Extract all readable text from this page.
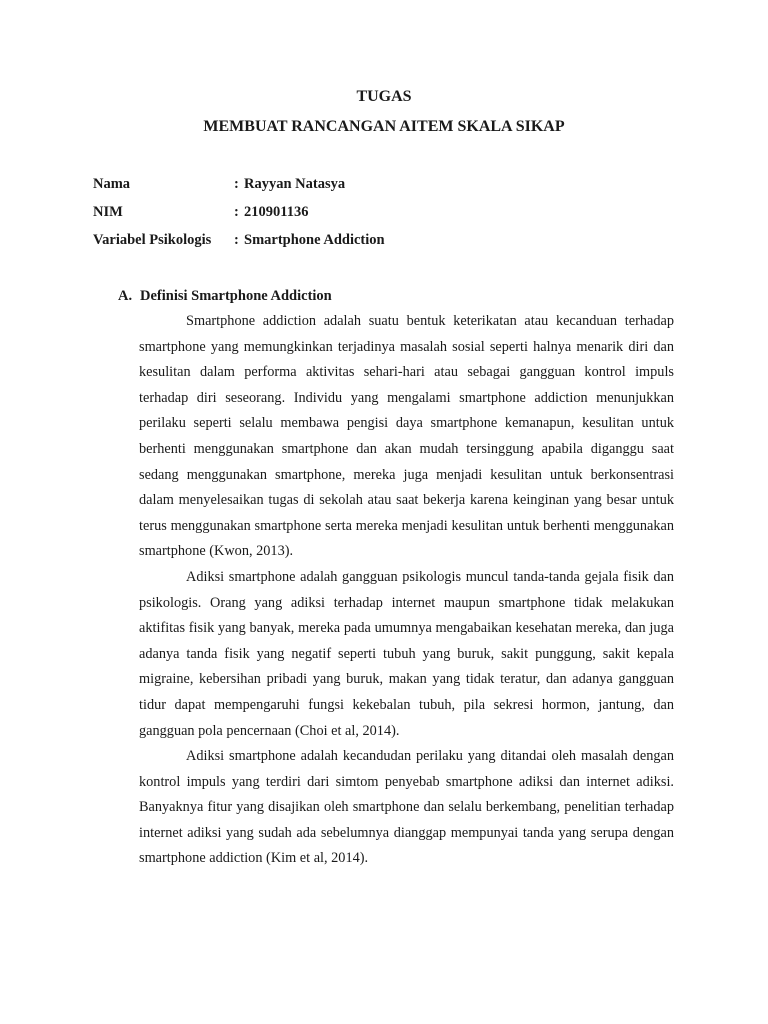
TUGAS
MEMBUAT RANCANGAN AITEM SKALA SIKAP
Nama	: Rayyan Natasya
NIM	: 210901136
Variabel Psikologis	: Smartphone Addiction
A. Definisi Smartphone Addiction

Smartphone addiction adalah suatu bentuk keterikatan atau kecanduan terhadap smartphone yang memungkinkan terjadinya masalah sosial seperti halnya menarik diri dan kesulitan dalam performa aktivitas sehari-hari atau sebagai gangguan kontrol impuls terhadap diri seseorang. Individu yang mengalami smartphone addiction menunjukkan perilaku seperti selalu membawa pengisi daya smartphone kemanapun, kesulitan untuk berhenti menggunakan smartphone dan akan mudah tersinggung apabila diganggu saat sedang menggunakan smartphone, mereka juga menjadi kesulitan untuk berkonsentrasi dalam menyelesaikan tugas di sekolah atau saat bekerja karena keinginan yang besar untuk terus menggunakan smartphone serta mereka menjadi kesulitan untuk berhenti menggunakan smartphone (Kwon, 2013).

Adiksi smartphone adalah gangguan psikologis muncul tanda-tanda gejala fisik dan psikologis. Orang yang adiksi terhadap internet maupun smartphone tidak melakukan aktifitas fisik yang banyak, mereka pada umumnya mengabaikan kesehatan mereka, dan juga adanya tanda fisik yang negatif seperti tubuh yang buruk, sakit punggung, sakit kepala migraine, kebersihan pribadi yang buruk, makan yang tidak teratur, dan adanya gangguan tidur dapat mempengaruhi fungsi kekebalan tubuh, pila sekresi hormon, jantung, dan gangguan pola pencernaan (Choi et al, 2014).

Adiksi smartphone adalah kecandudan perilaku yang ditandai oleh masalah dengan kontrol impuls yang terdiri dari simtom penyebab smartphone adiksi dan internet adiksi. Banyaknya fitur yang disajikan oleh smartphone dan selalu berkembang, penelitian terhadap internet adiksi yang sudah ada sebelumnya dianggap mempunyai tanda yang serupa dengan smartphone addiction (Kim et al, 2014).
